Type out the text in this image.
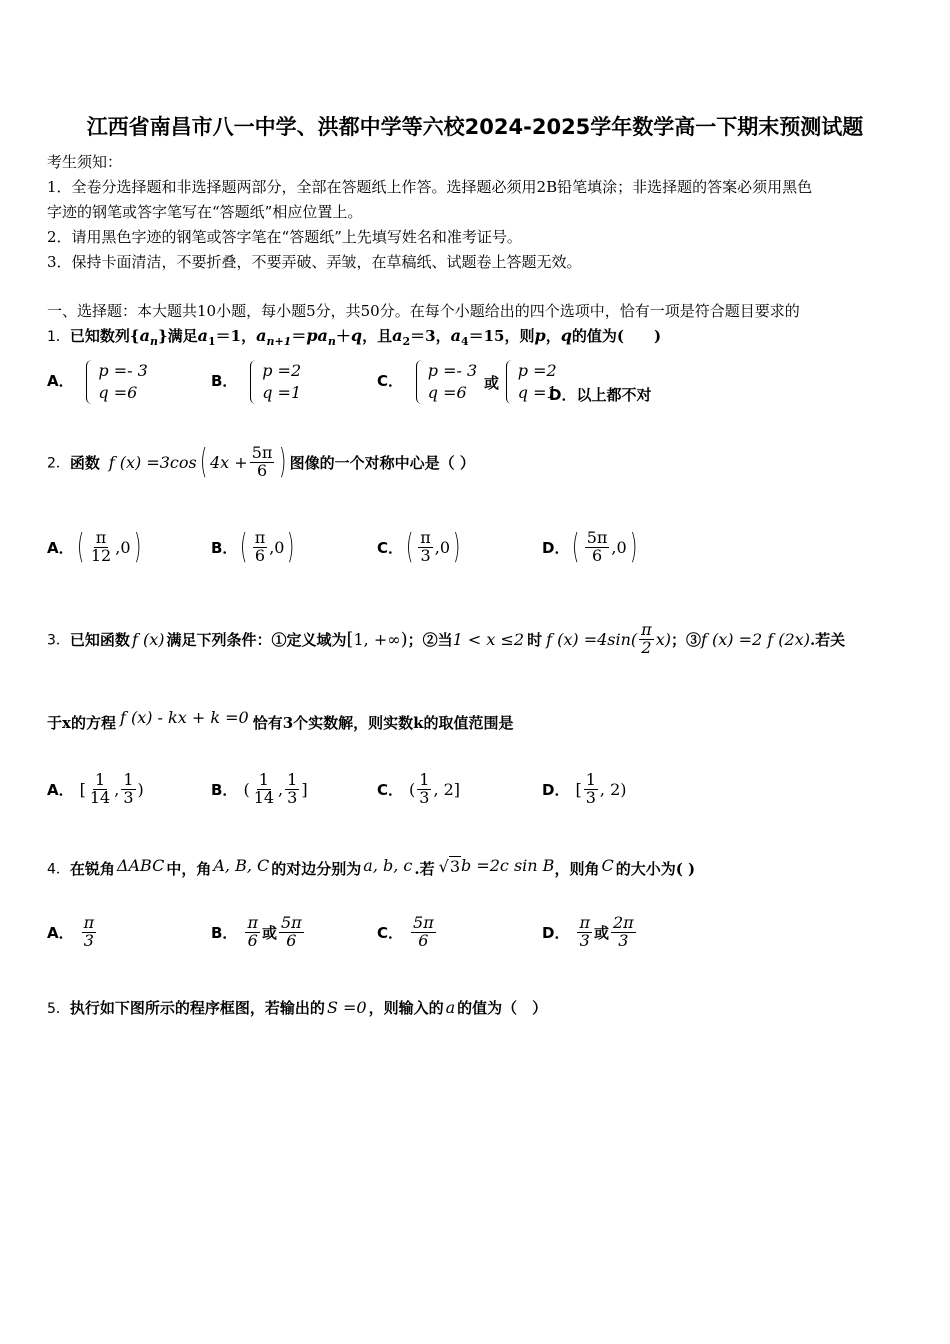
江西省南昌市八一中学、洪都中学等六校2024-2025学年数学高一下期末预测试题
考生须知：
1．全卷分选择题和非选择题两部分，全部在答题纸上作答。选择题必须用2B铅笔填涂；非选择题的答案必须用黑色
字迹的钢笔或答字笔写在“答题纸”相应位置上。
2．请用黑色字迹的钢笔或答字笔在“答题纸”上先填写姓名和准考证号。
3．保持卡面清洁，不要折叠，不要弄破、弄皱，在草稿纸、试题卷上答题无效。
一、选择题：本大题共10小题，每小题5分，共50分。在每个小题给出的四个选项中，恰有一项是符合题目要求的
1．已知数列$\{a_n\}$满足$a_1=1$，$a_{n+1}=pa_n+q$，且$a_2=3$，$a_4=15$，则p，q的值为(　　)
A．
p =- 3
q =6
B．
p =2
q =1
C．
p =- 3
q =6
或
p =2
q =1
D．以上都不对
2．函数 f (x) =3cos( $4x + \frac{5\pi}{6}$ ) 图像的一个对称中心是（ ）
A．( $\frac{\pi}{12} ,0$)	B．( $\frac{\pi}{6} ,0$)	C．( $\frac{\pi}{3} ,0$)	D．( $\frac{5\pi}{6} ,0$)
3．已知函数 f (x) 满足下列条件：①定义域为[1, +∞)；②当1 < x ≤2 时 f $(x) =4\sin( \frac{\pi}{2} x)$；③f (x) =2 f (2x).若关
于x的方程 f (x) - kx + k =0 恰有3个实数解，则实数k的取值范围是
A． [ $\frac{1}{14}$ , $\frac{1}{3}$ )	B． ( $\frac{1}{14}$ , $\frac{1}{3}$ ]	C． ( $\frac{1}{3}$ , 2]	D． [ $\frac{1}{3}$ , 2)
4．在锐角 ΔABC 中，角 A, B, C 的对边分别为 a, b, c .若 √3b =2c sin B，则角 C 的大小为( )
A． $\frac{\pi}{3}$	B． $\frac{\pi}{6}$ 或 $\frac{5\pi}{6}$	C． $\frac{5\pi}{6}$	D． $\frac{\pi}{3}$ 或 $\frac{2\pi}{3}$
5．执行如下图所示的程序框图，若输出的 S =0 ，则输入的 a 的值为（　）
